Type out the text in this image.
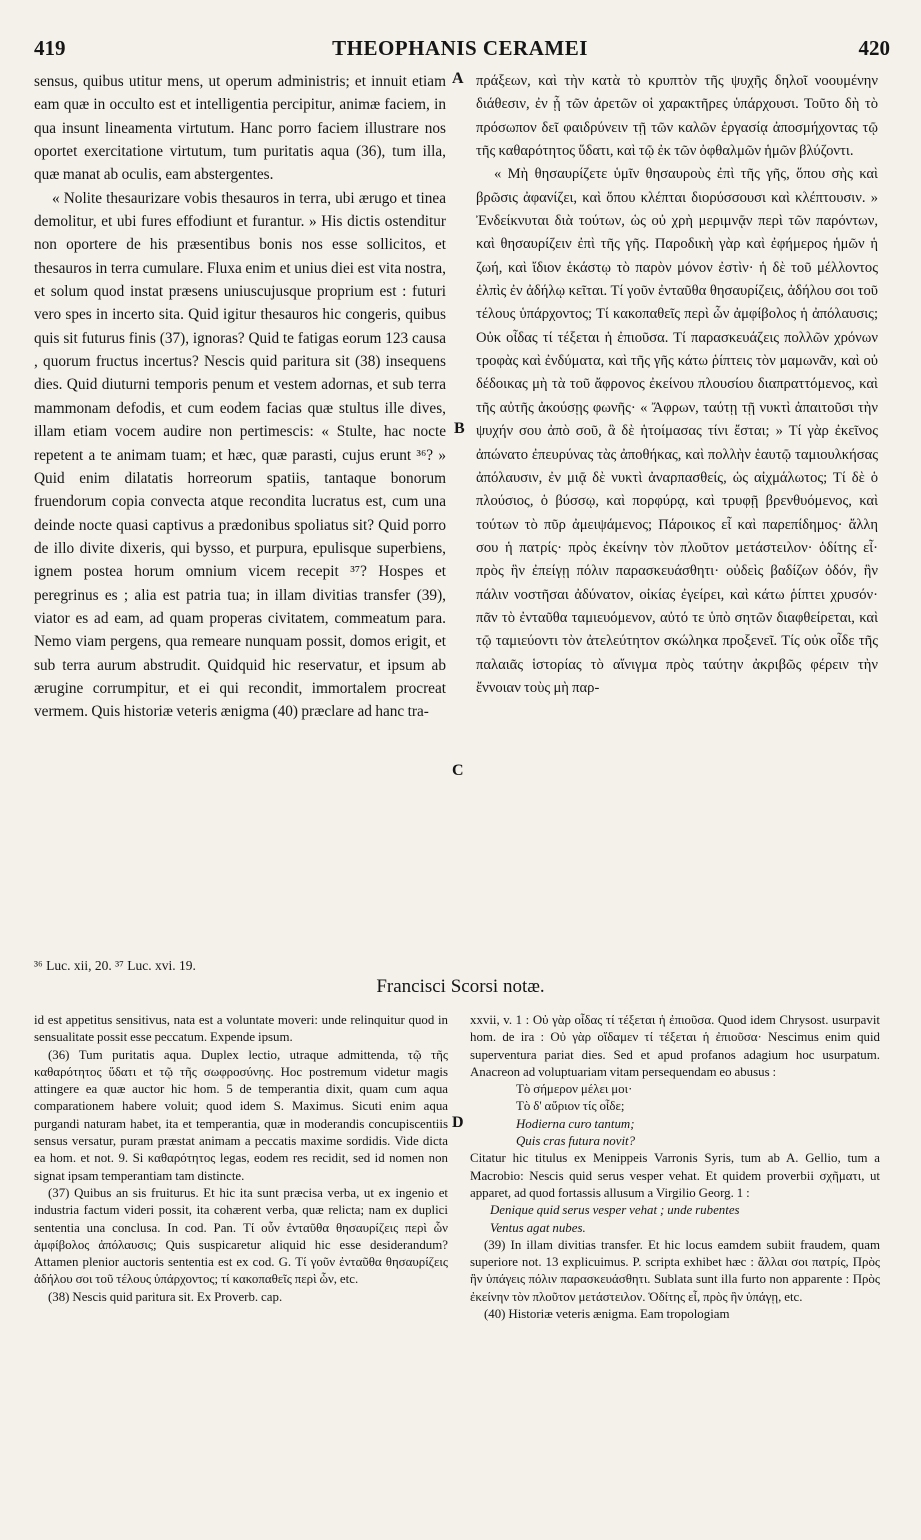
419	THEOPHANIS CERAMEI	420

sensus, quibus utitur mens, ut operum administris; et innuit etiam eam quæ in occulto est et intelligentia percipitur, animæ faciem, in qua insunt lineamenta virtutum. Hanc porro faciem illustrare nos oportet exercitatione virtutum, tum puritatis aqua (36), tum illa, quæ manat ab oculis, eam abstergentes.

« Nolite thesaurizare vobis thesauros in terra, ubi ærugo et tinea demolitur, et ubi fures effodiunt et furantur. » His dictis ostenditur non oportere de his præsentibus bonis nos esse sollicitos, et thesauros in terra cumulare. Fluxa enim et unius diei est vita nostra, et solum quod instat præsens uniuscujusque proprium est : futuri vero spes in incerto sita. Quid igitur thesauros hic congeris, quibus quis sit futurus finis (37), ignoras? Quid te fatigas eorum 123 causa , quorum fructus incertus? Nescis quid paritura sit (38) insequens dies. Quid diuturni temporis penum et vestem adornas, et sub terra mammonam defodis, et cum eodem facias quæ stultus ille dives, illam etiam vocem audire non pertimescis: « Stulte, hac nocte repetent a te animam tuam; et hæc, quæ parasti, cujus erunt ³⁶? » Quid enim dilatatis horreorum spatiis, tantaque bonorum fruendorum copia convecta atque recondita lucratus est, cum una deinde nocte quasi captivus a prædonibus spoliatus sit? Quid porro de illo divite dixeris, qui bysso, et purpura, epulisque superbiens, ignem postea horum omnium vicem recepit ³⁷? Hospes et peregrinus es ; alia est patria tua; in illam divitias transfer (39), viator es ad eam, ad quam properas civitatem, commeatum para. Nemo viam pergens, qua remeare nunquam possit, domos erigit, et sub terra aurum abstrudit. Quidquid hic reservatur, et ipsum ab ærugine corrumpitur, et ei qui recondit, immortalem procreat vermem. Quis historiæ veteris ænigma (40) præclare ad hanc tra-

A
B
C
D

πράξεων, καὶ τὴν κατὰ τὸ κρυπτὸν τῆς ψυχῆς δηλοῖ νοουμένην διάθεσιν, ἐν ᾗ τῶν ἀρετῶν οἱ χαρακτῆρες ὑπάρχουσι. Τοῦτο δὴ τὸ πρόσωπον δεῖ φαιδρύνειν τῇ τῶν καλῶν ἐργασίᾳ ἀποσμήχοντας τῷ τῆς καθαρότητος ὕδατι, καὶ τῷ ἐκ τῶν ὀφθαλμῶν ἡμῶν βλύζοντι.

« Μὴ θησαυρίζετε ὑμῖν θησαυροὺς ἐπὶ τῆς γῆς, ὅπου σὴς καὶ βρῶσις ἀφανίζει, καὶ ὅπου κλέπται διορύσσουσι καὶ κλέπτουσιν. » Ἐνδείκνυται διὰ τούτων, ὡς οὐ χρὴ μεριμνᾷν περὶ τῶν παρόντων, καὶ θησαυρίζειν ἐπὶ τῆς γῆς. Παροδικὴ γὰρ καὶ ἐφήμερος ἡμῶν ἡ ζωή, καὶ ἴδιον ἑκάστῳ τὸ παρὸν μόνον ἐστὶν· ἡ δὲ τοῦ μέλλοντος ἐλπὶς ἐν ἀδήλῳ κεῖται. Τί γοῦν ἐνταῦθα θησαυρίζεις, ἀδήλου σοι τοῦ τέλους ὑπάρχοντος; Τί κακοπαθεῖς περὶ ὧν ἀμφίβολος ἡ ἀπόλαυσις; Οὐκ οἶδας τί τέξεται ἡ ἐπιοῦσα. Τί παρασκευάζεις πολλῶν χρόνων τροφὰς καὶ ἐνδύματα, καὶ τῆς γῆς κάτω ῥίπτεις τὸν μαμωνᾶν, καὶ οὐ δέδοικας μὴ τὰ τοῦ ἄφρονος ἐκείνου πλουσίου διαπραττόμενος, καὶ τῆς αὐτῆς ἀκούσῃς φωνῆς· « Ἄφρων, ταύτῃ τῇ νυκτὶ ἀπαιτοῦσι τὴν ψυχήν σου ἀπὸ σοῦ, ἃ δὲ ἡτοίμασας τίνι ἔσται; » Τί γὰρ ἐκεῖνος ἀπώνατο ἐπευρύνας τὰς ἀποθήκας, καὶ πολλὴν ἑαυτῷ ταμιουλκήσας ἀπόλαυσιν, ἐν μιᾷ δὲ νυκτὶ ἀναρπασθείς, ὡς αἰχμάλωτος; Τί δὲ ὁ πλούσιος, ὁ βύσσῳ, καὶ πορφύρᾳ, καὶ τρυφῇ βρενθυόμενος, καὶ τούτων τὸ πῦρ ἀμειψάμενος; Πάροικος εἶ καὶ παρεπίδημος· ἄλλη σου ἡ πατρίς· πρὸς ἐκείνην τὸν πλοῦτον μετάστειλον· ὁδίτης εἶ· πρὸς ἣν ἐπείγῃ πόλιν παρασκευάσθητι· οὐδεὶς βαδίζων ὁδόν, ἣν πάλιν νοστῆσαι ἀδύνατον, οἰκίας ἐγείρει, καὶ κάτω ῥίπτει χρυσόν· πᾶν τὸ ἐνταῦθα ταμιευόμενον, αὐτό τε ὑπὸ σητῶν διαφθείρεται, καὶ τῷ ταμιεύοντι τὸν ἀτελεύτητον σκώληκα προξενεῖ. Τίς οὐκ οἶδε τῆς παλαιᾶς ἱστορίας τὸ αἴνιγμα πρὸς ταύτην ἀκριβῶς φέρειν τὴν ἔννοιαν τοὺς μὴ παρ-

³⁶ Luc. xii, 20. ³⁷ Luc. xvi. 19.
Francisci Scorsi notæ.

id est appetitus sensitivus, nata est a voluntate moveri: unde relinquitur quod in sensualitate possit esse peccatum. Expende ipsum.

(36) Tum puritatis aqua. Duplex lectio, utraque admittenda, τῷ τῆς καθαρότητος ὕδατι et τῷ τῆς σωφροσύνης. Hoc postremum videtur magis attingere ea quæ auctor hic hom. 5 de temperantia dixit, quam cum aqua comparationem habere voluit; quod idem S. Maximus. Sicuti enim aqua purgandi naturam habet, ita et temperantia, quæ in moderandis concupiscentiis sensus versatur, puram præstat animam a peccatis maxime sordidis. Vide dicta ea hom. et not. 9. Si καθαρότητος legas, eodem res recidit, sed id nomen non signat ipsam temperantiam tam distincte.

(37) Quibus an sis fruiturus. Et hic ita sunt præcisa verba, ut ex ingenio et industria factum videri possit, ita cohærent verba, quæ relicta; nam ex duplici sententia una conclusa. In cod. Pan. Τί οὖν ἐνταῦθα θησαυρίζεις περὶ ὧν ἀμφίβολος ἀπόλαυσις; Quis suspicaretur aliquid hic esse desiderandum? Attamen plenior auctoris sententia est ex cod. G. Τί γοῦν ἐνταῦθα θησαυρίζεις ἀδήλου σοι τοῦ τέλους ὑπάρχοντος; τί κακοπαθεῖς περὶ ὧν, etc.

(38) Nescis quid paritura sit. Ex Proverb. cap.

xxvii, v. 1 : Οὐ γὰρ οἶδας τί τέξεται ἡ ἐπιοῦσα. Quod idem Chrysost. usurpavit hom. de ira : Οὐ γὰρ οἴδαμεν τί τέξεται ἡ ἐπιοῦσα· Nescimus enim quid superventura pariat dies. Sed et apud profanos adagium hoc usurpatum. Anacreon ad voluptuariam vitam persequendam eo abusus :

Τὸ σήμερον μέλει μοι·

Τὸ δ' αὔριον τίς οἶδε;

Hodierna curo tantum;

Quis cras futura novit?

Citatur hic titulus ex Menippeis Varronis Syris, tum ab A. Gellio, tum a Macrobio: Nescis quid serus vesper vehat. Et quidem proverbii σχῆματι, ut apparet, ad quod fortassis allusum a Virgilio Georg. 1 :

Denique quid serus vesper vehat ; unde rubentes

Ventus agat nubes.

(39) In illam divitias transfer. Et hic locus eamdem subiit fraudem, quam superiore not. 13 explicuimus. P. scripta exhibet hæc : ἄλλαι σοι πατρίς, Πρὸς ἣν ὑπάγεις πόλιν παρασκευάσθητι. Sublata sunt illa furto non apparente : Πρὸς ἐκείνην τὸν πλοῦτον μετάστειλον. Ὁδίτης εἶ, πρὸς ἣν ὑπάγῃ, etc.

(40) Historiæ veteris ænigma. Eam tropologiam
